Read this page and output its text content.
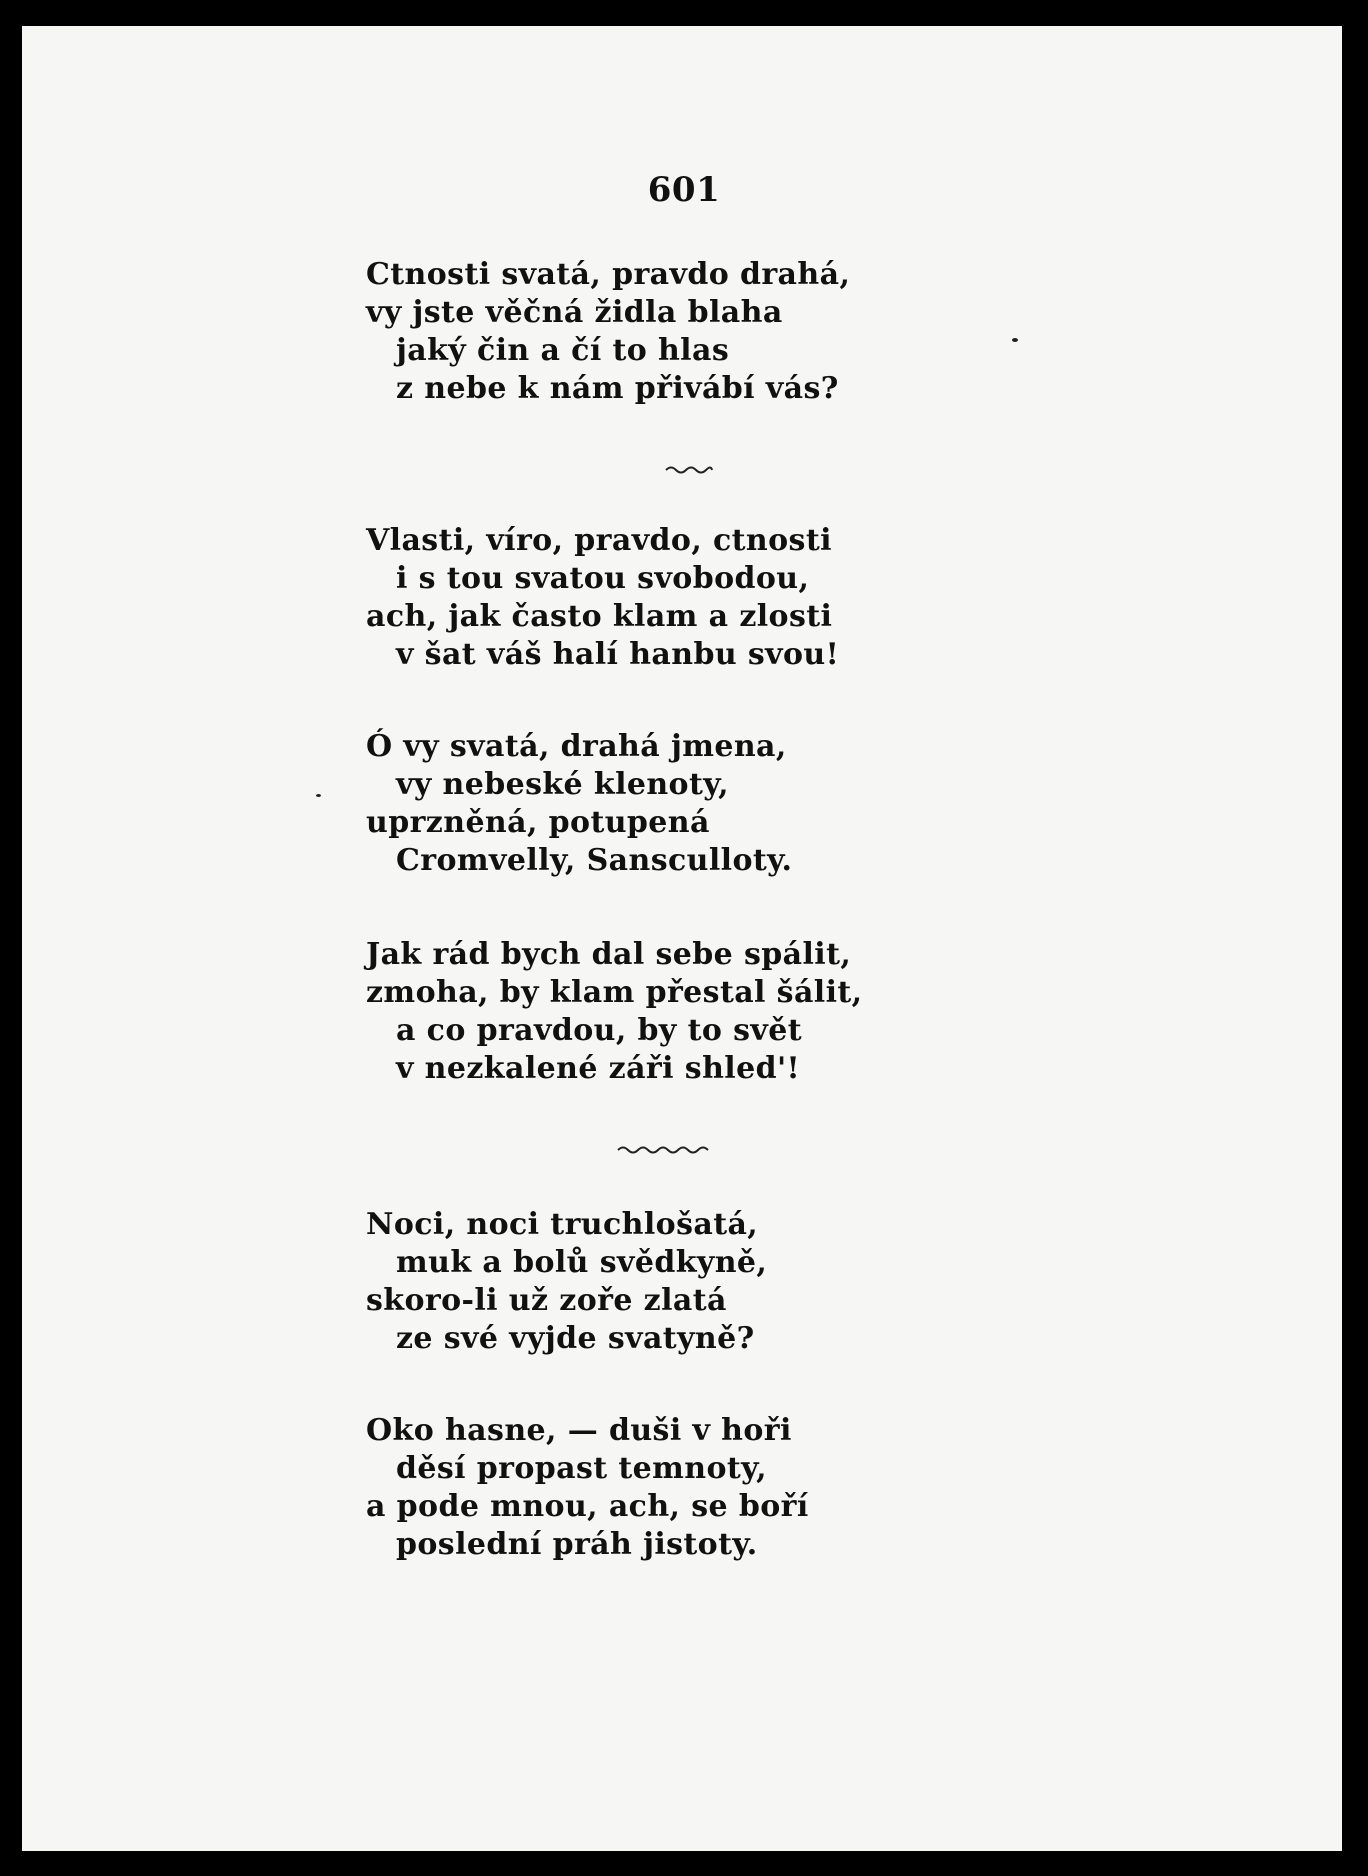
601
Ctnosti svatá, pravdo drahá,
vy jste věčná židla blaha
jaký čin a čí to hlas
z nebe k nám přivábí vás?
Vlasti, víro, pravdo, ctnosti
i s tou svatou svobodou,
ach, jak často klam a zlosti
v šat váš halí hanbu svou!
Ó vy svatá, drahá jmena,
vy nebeské klenoty,
uprzněná, potupená
Cromvelly, Sansculloty.
Jak rád bych dal sebe spálit,
zmoha, by klam přestal šálit,
a co pravdou, by to svět
v nezkalené záři shled'!
Noci, noci truchlošatá,
muk a bolů svědkyně,
skoro-li už zoře zlatá
ze své vyjde svatyně?
Oko hasne, — duši v hoři
děsí propast temnoty,
a pode mnou, ach, se boří
poslední práh jistoty.
